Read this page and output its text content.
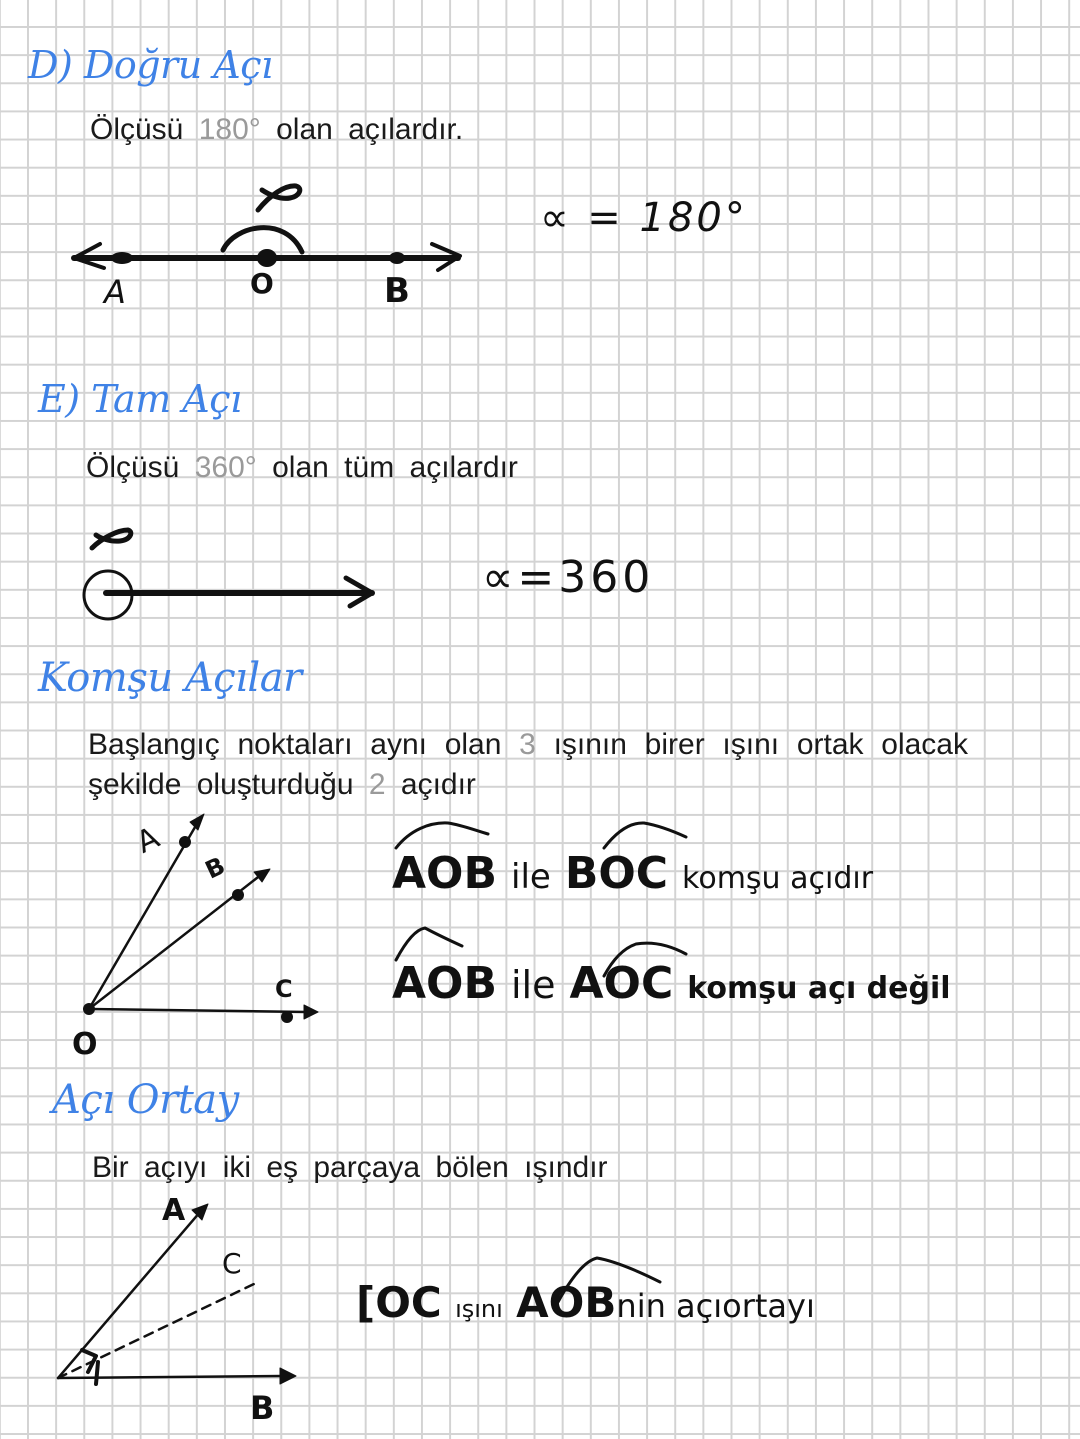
D) Doğru Açı
Ölçüsü 180° olan açılardır.
A	O	B
∝ = 180°
E) Tam Açı
Ölçüsü 360° olan tüm açılardır
∝=360
Komşu Açılar
Başlangıç noktaları aynı olan 3 ışının birer ışını ortak olacak şekilde oluşturduğu 2 açıdır
A
B
C
O
AOB ile BOC komşu açıdır
AOB ile AOC komşu açı değil
Açı Ortay
Bir açıyı iki eş parçaya bölen ışındır
A
C
B
[OC ışını AOBnin açıortayı
